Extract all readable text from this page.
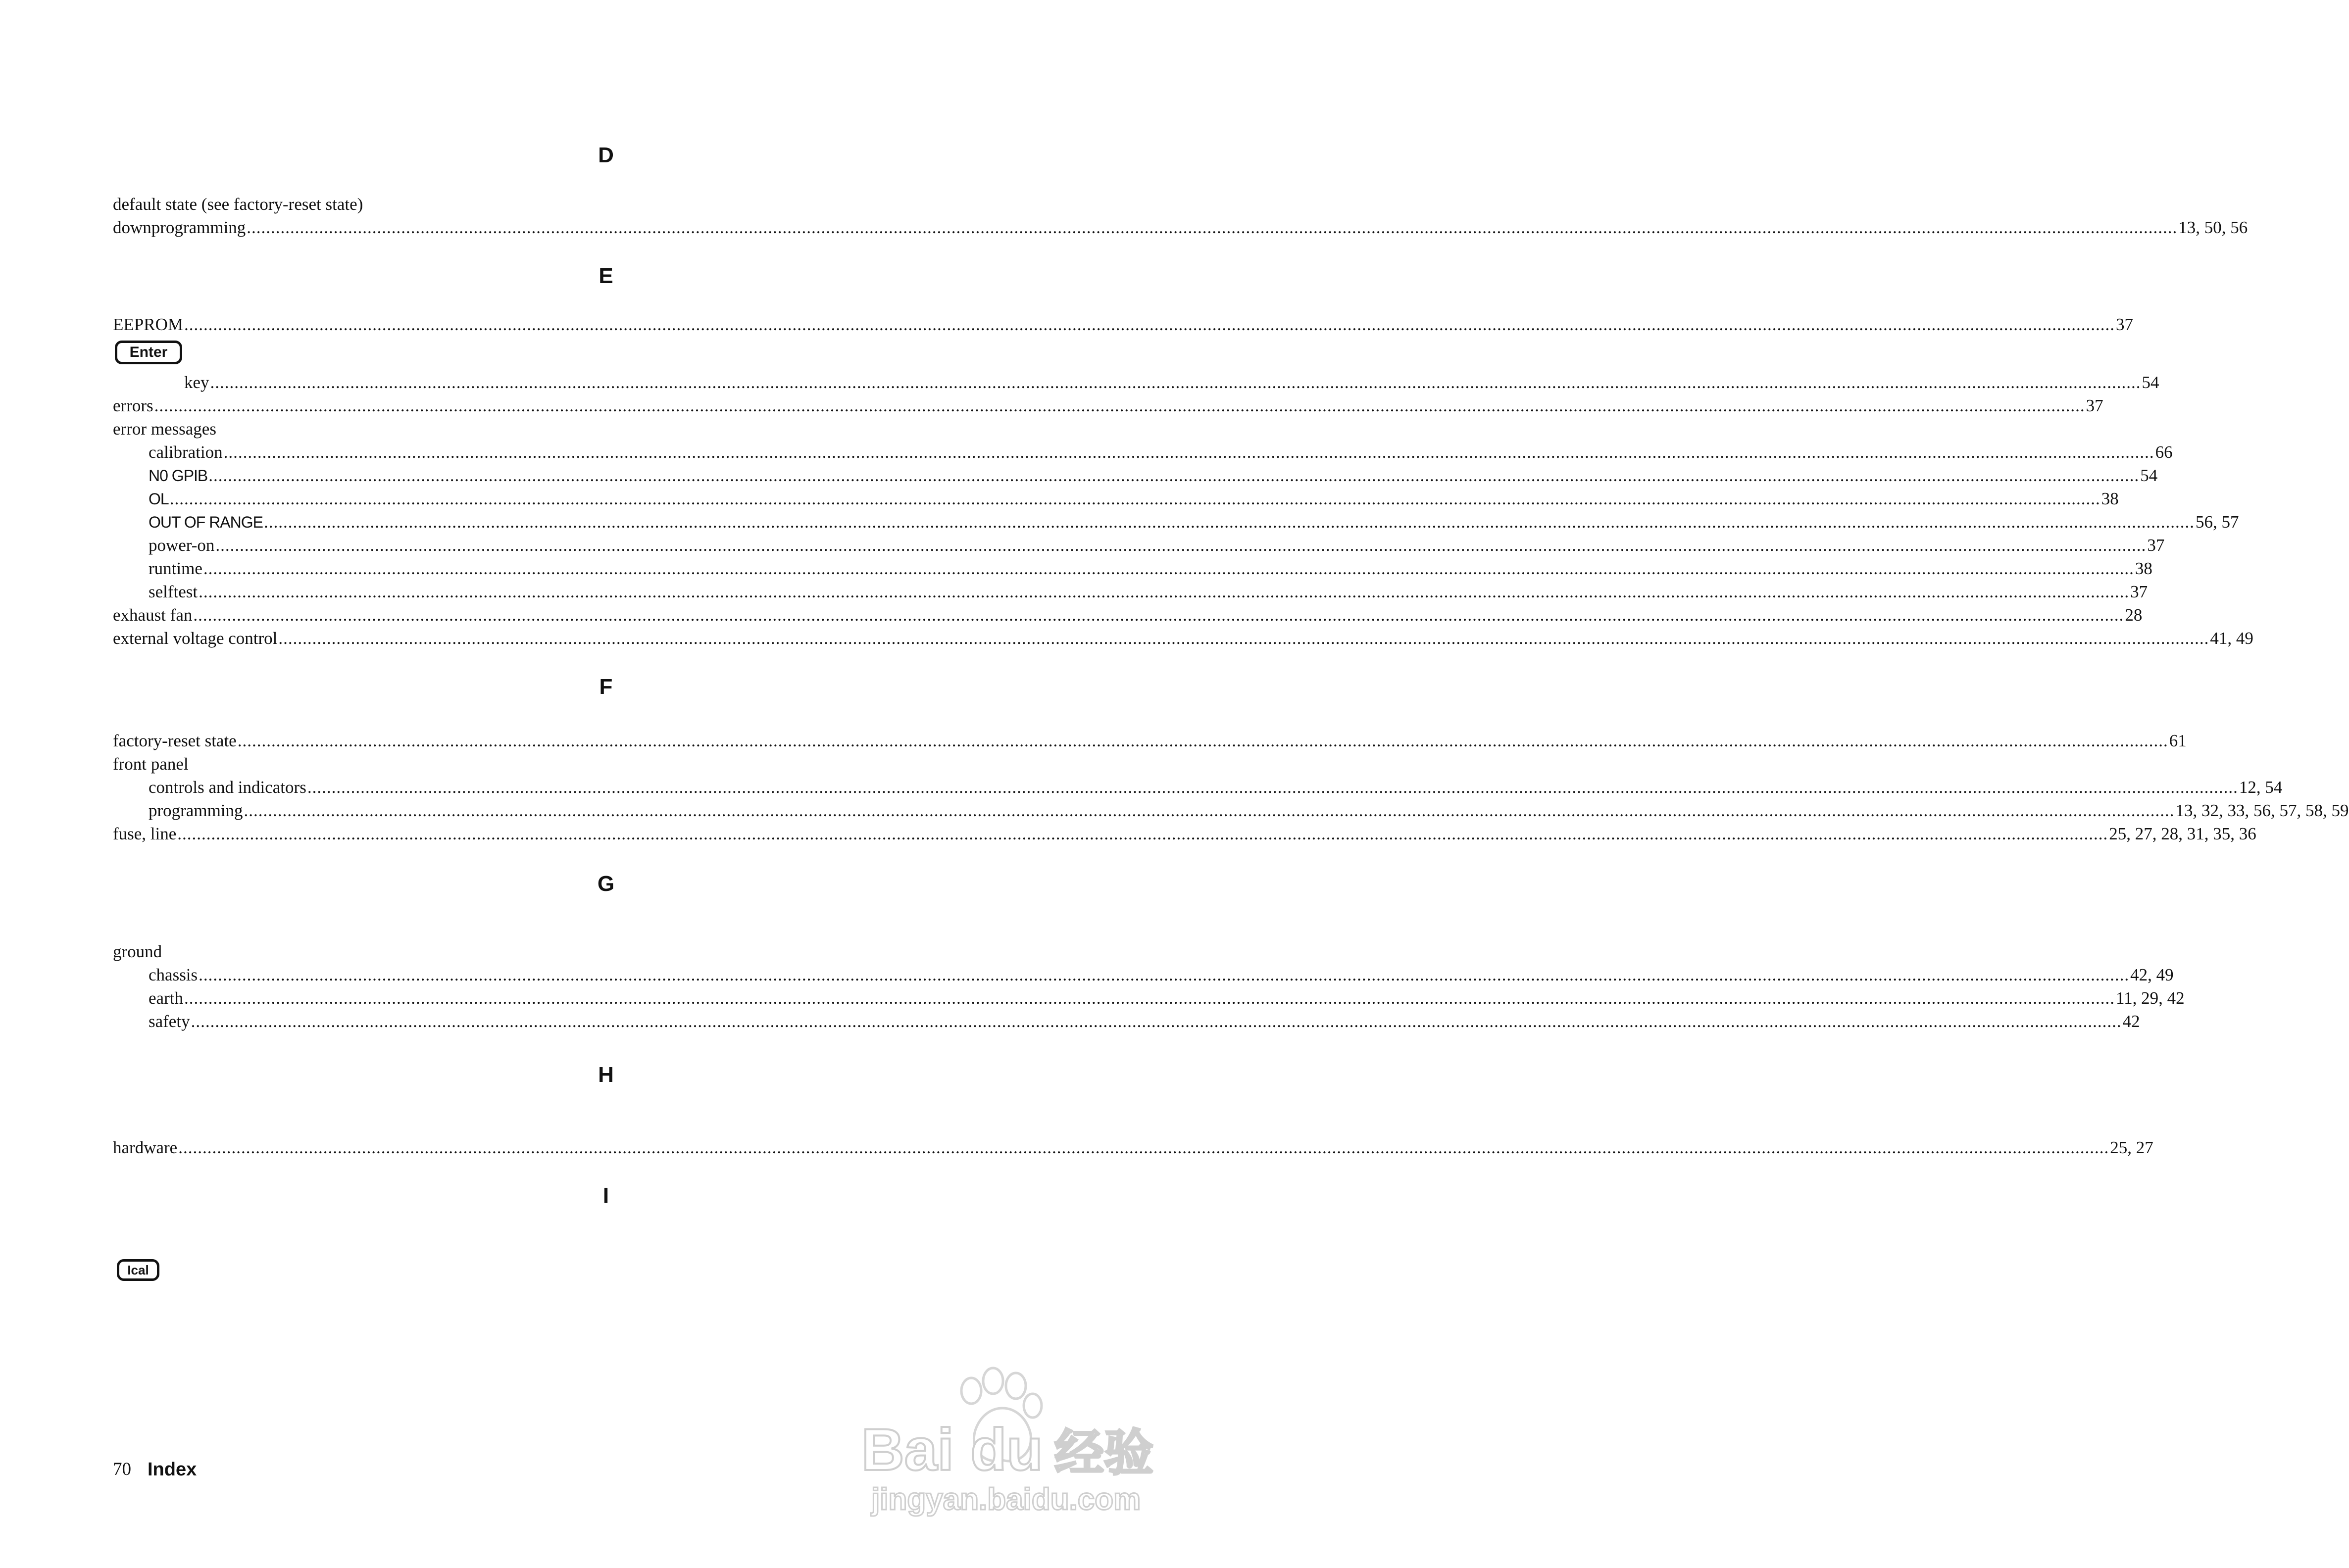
D
default state (see factory-reset state)
downprogramming ................................................................................................................................................................................................................................................................................................................................................................................................................ 13, 50, 56
E
EEPROM ................................................................................................................................................................................................................................................................................................................................................................................................................ 37
Enter
key ................................................................................................................................................................................................................................................................................................................................................................................................................ 54
errors ................................................................................................................................................................................................................................................................................................................................................................................................................ 37
error messages
calibration ................................................................................................................................................................................................................................................................................................................................................................................................................ 66
N0 GPIB ................................................................................................................................................................................................................................................................................................................................................................................................................ 54
OL ................................................................................................................................................................................................................................................................................................................................................................................................................ 38
OUT OF RANGE ................................................................................................................................................................................................................................................................................................................................................................................................................ 56, 57
power-on ................................................................................................................................................................................................................................................................................................................................................................................................................ 37
runtime ................................................................................................................................................................................................................................................................................................................................................................................................................ 38
selftest ................................................................................................................................................................................................................................................................................................................................................................................................................ 37
exhaust fan ................................................................................................................................................................................................................................................................................................................................................................................................................ 28
external voltage control ................................................................................................................................................................................................................................................................................................................................................................................................................ 41, 49
F
factory-reset state ................................................................................................................................................................................................................................................................................................................................................................................................................ 61
front panel
controls and indicators ................................................................................................................................................................................................................................................................................................................................................................................................................ 12, 54
programming ................................................................................................................................................................................................................................................................................................................................................................................................................ 13, 32, 33, 56, 57, 58, 59
fuse, line ................................................................................................................................................................................................................................................................................................................................................................................................................ 25, 27, 28, 31, 35, 36
G
ground
chassis ................................................................................................................................................................................................................................................................................................................................................................................................................ 42, 49
earth ................................................................................................................................................................................................................................................................................................................................................................................................................ 11, 29, 42
safety ................................................................................................................................................................................................................................................................................................................................................................................................................ 42
H
hardware ................................................................................................................................................................................................................................................................................................................................................................................................................ 25, 27
I
Ical
70 Index	Bai du 经验
jingyan.baidu.com
